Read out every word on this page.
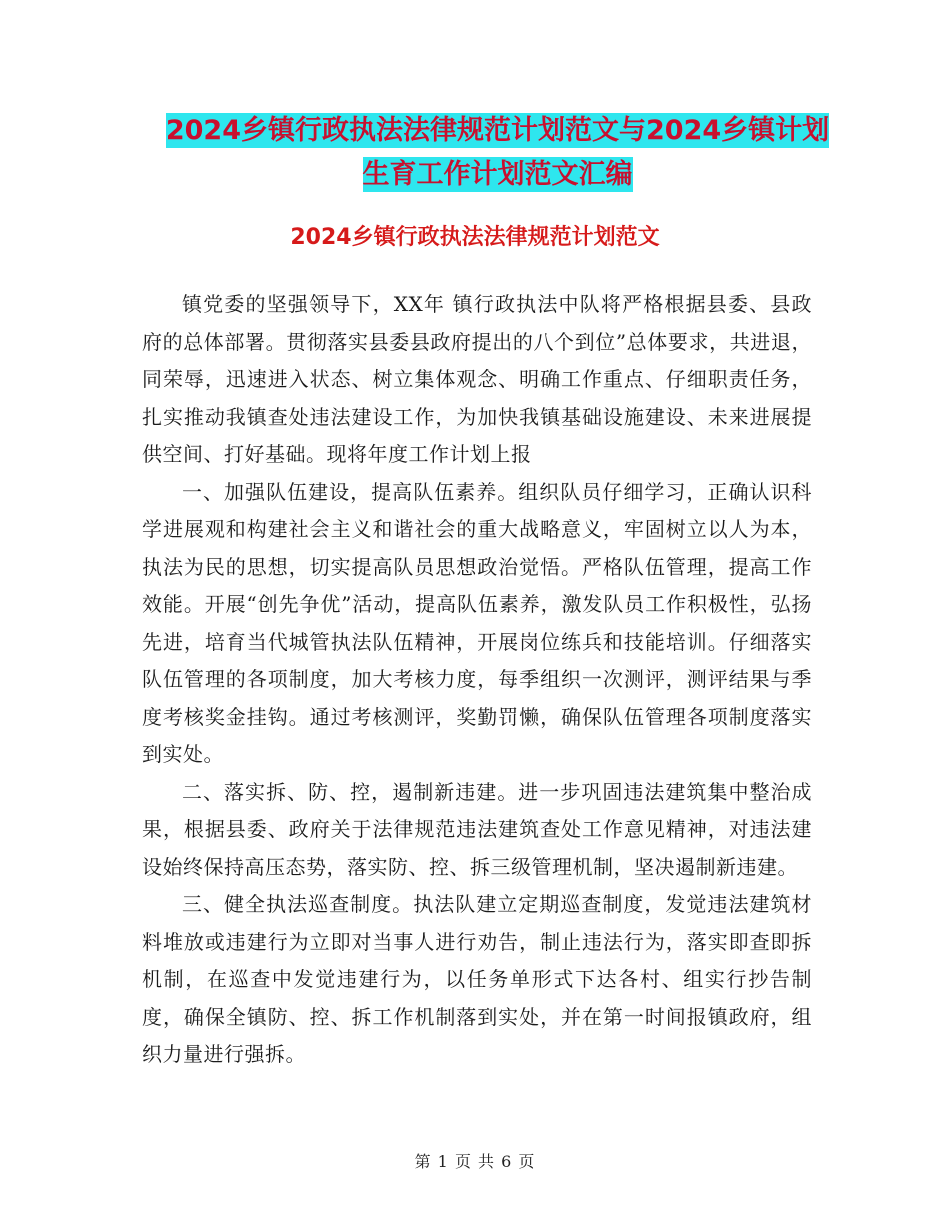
2024乡镇行政执法法律规范计划范文与2024乡镇计划
生育工作计划范文汇编
2024乡镇行政执法法律规范计划范文

镇党委的坚强领导下，XX年 镇行政执法中队将严格根据县委、县政府的总体部署。贯彻落实县委县政府提出的八个到位”总体要求，共进退，同荣辱，迅速进入状态、树立集体观念、明确工作重点、仔细职责任务，扎实推动我镇查处违法建设工作，为加快我镇基础设施建设、未来进展提供空间、打好基础。现将年度工作计划上报

一、加强队伍建设，提高队伍素养。组织队员仔细学习，正确认识科学进展观和构建社会主义和谐社会的重大战略意义，牢固树立以人为本，执法为民的思想，切实提高队员思想政治觉悟。严格队伍管理，提高工作效能。开展“创先争优”活动，提高队伍素养，激发队员工作积极性，弘扬先进，培育当代城管执法队伍精神，开展岗位练兵和技能培训。仔细落实队伍管理的各项制度，加大考核力度，每季组织一次测评，测评结果与季度考核奖金挂钩。通过考核测评，奖勤罚懒，确保队伍管理各项制度落实到实处。

二、落实拆、防、控，遏制新违建。进一步巩固违法建筑集中整治成果，根据县委、政府关于法律规范违法建筑查处工作意见精神，对违法建设始终保持高压态势，落实防、控、拆三级管理机制，坚决遏制新违建。

三、健全执法巡查制度。执法队建立定期巡查制度，发觉违法建筑材料堆放或违建行为立即对当事人进行劝告，制止违法行为，落实即查即拆机制，在巡查中发觉违建行为，以任务单形式下达各村、组实行抄告制度，确保全镇防、控、拆工作机制落到实处，并在第一时间报镇政府，组织力量进行强拆。

第 1 页 共 6 页
